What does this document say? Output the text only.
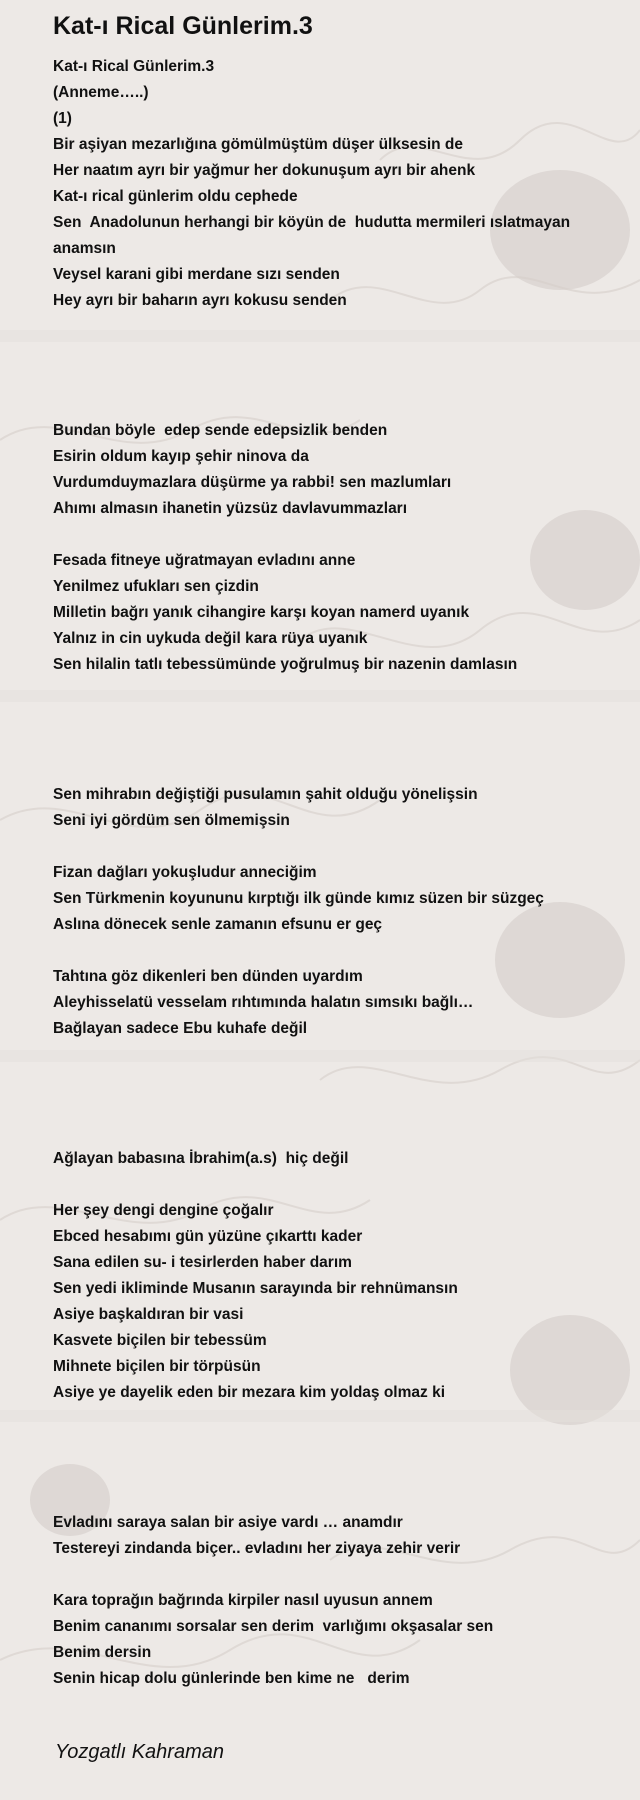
Kat-ı Rical Günlerim.3
Kat-ı Rical Günlerim.3
(Anneme…..)
(1)
Bir aşiyan mezarlığına gömülmüştüm düşer ülksesin de
Her naatım ayrı bir yağmur her dokunuşum ayrı bir ahenk
Kat-ı rical günlerim oldu cephede
Sen  Anadolunun herhangi bir köyün de  hudutta mermileri ıslatmayan anamsın
Veysel karani gibi merdane sızı senden
Hey ayrı bir baharın ayrı kokusu senden

Bundan böyle  edep sende edepsizlik benden
Esirin oldum kayıp şehir ninova da
Vurdumduymazlara düşürme ya rabbi! sen mazlumları
Ahımı almasın ihanetin yüzsüz davlavummazları

Fesada fitneye uğratmayan evladını anne
Yenilmez ufukları sen çizdin
Milletin bağrı yanık cihangire karşı koyan namerd uyanık
Yalnız in cin uykuda değil kara rüya uyanık
Sen hilalin tatlı tebessümünde yoğrulmuş bir nazenin damlasın

Sen mihrabın değiştiği pusulamın şahit olduğu yönelişsin
Seni iyi gördüm sen ölmemişsin

Fizan dağları yokuşludur anneciğim
Sen Türkmenin koyununu kırptığı ilk günde kımız süzen bir süzgeç
Aslına dönecek senle zamanın efsunu er geç

Tahtına göz dikenleri ben dünden uyardım
Aleyhisselatü vesselam rıhtımında halatın sımsıkı bağlı…
Bağlayan sadece Ebu kuhafe değil

Ağlayan babasına İbrahim(a.s)  hiç değil

Her şey dengi dengine çoğalır
Ebced hesabımı gün yüzüne çıkarttı kader
Sana edilen su- i tesirlerden haber darım
Sen yedi ikliminde Musanın sarayında bir rehnümansın
Asiye başkaldıran bir vasi
Kasvete biçilen bir tebessüm
Mihnete biçilen bir törpüsün
Asiye ye dayelik eden bir mezara kim yoldaş olmaz ki

Evladını saraya salan bir asiye vardı … anamdır
Testereyi zindanda biçer.. evladını her ziyaya zehir verir

Kara toprağın bağrında kirpiler nasıl uyusun annem
Benim cananımı sorsalar sen derim  varlığımı okşasalar sen
Benim dersin
Senin hicap dolu günlerinde ben kime ne   derim
Yozgatlı Kahraman
